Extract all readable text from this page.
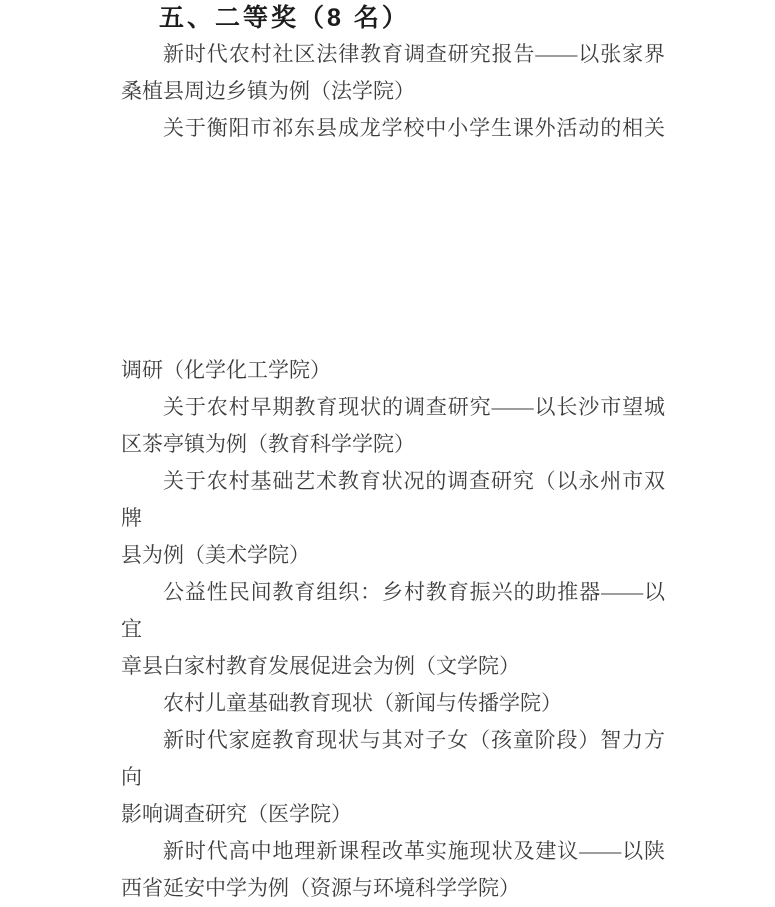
五、二等奖（8 名）

新时代农村社区法律教育调查研究报告——以张家界

桑植县周边乡镇为例（法学院）

关于衡阳市祁东县成龙学校中小学生课外活动的相关

调研（化学化工学院）

关于农村早期教育现状的调查研究——以长沙市望城

区茶亭镇为例（教育科学学院）

关于农村基础艺术教育状况的调查研究（以永州市双牌

县为例（美术学院）

公益性民间教育组织：乡村教育振兴的助推器——以宜

章县白家村教育发展促进会为例（文学院）

农村儿童基础教育现状（新闻与传播学院）

新时代家庭教育现状与其对子女（孩童阶段）智力方向

影响调查研究（医学院）

新时代高中地理新课程改革实施现状及建议——以陕

西省延安中学为例（资源与环境科学学院）
